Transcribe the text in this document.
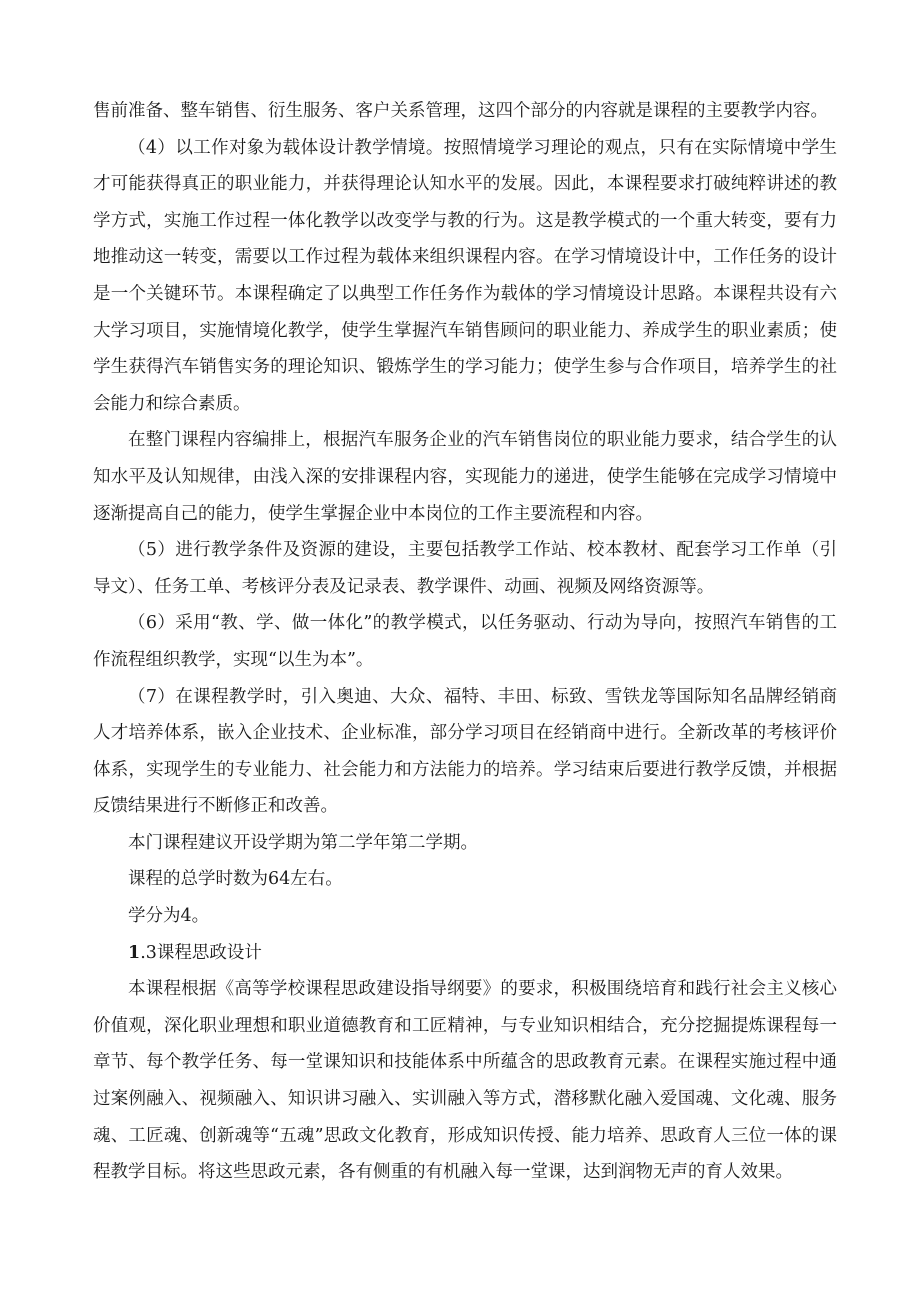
售前准备、整车销售、衍生服务、客户关系管理，这四个部分的内容就是课程的主要教学内容。

（4）以工作对象为载体设计教学情境。按照情境学习理论的观点，只有在实际情境中学生才可能获得真正的职业能力，并获得理论认知水平的发展。因此，本课程要求打破纯粹讲述的教学方式，实施工作过程一体化教学以改变学与教的行为。这是教学模式的一个重大转变，要有力地推动这一转变，需要以工作过程为载体来组织课程内容。在学习情境设计中，工作任务的设计是一个关键环节。本课程确定了以典型工作任务作为载体的学习情境设计思路。本课程共设有六大学习项目，实施情境化教学，使学生掌握汽车销售顾问的职业能力、养成学生的职业素质；使学生获得汽车销售实务的理论知识、锻炼学生的学习能力；使学生参与合作项目，培养学生的社会能力和综合素质。

在整门课程内容编排上，根据汽车服务企业的汽车销售岗位的职业能力要求，结合学生的认知水平及认知规律，由浅入深的安排课程内容，实现能力的递进，使学生能够在完成学习情境中逐渐提高自己的能力，使学生掌握企业中本岗位的工作主要流程和内容。

（5）进行教学条件及资源的建设，主要包括教学工作站、校本教材、配套学习工作单（引导文）、任务工单、考核评分表及记录表、教学课件、动画、视频及网络资源等。

（6）采用“教、学、做一体化”的教学模式，以任务驱动、行动为导向，按照汽车销售的工作流程组织教学，实现“以生为本”。

（7）在课程教学时，引入奥迪、大众、福特、丰田、标致、雪铁龙等国际知名品牌经销商人才培养体系，嵌入企业技术、企业标准，部分学习项目在经销商中进行。全新改革的考核评价体系，实现学生的专业能力、社会能力和方法能力的培养。学习结束后要进行教学反馈，并根据反馈结果进行不断修正和改善。

本门课程建议开设学期为第二学年第二学期。

课程的总学时数为64左右。

学分为4。

1.3课程思政设计

本课程根据《高等学校课程思政建设指导纲要》的要求，积极围绕培育和践行社会主义核心价值观，深化职业理想和职业道德教育和工匠精神，与专业知识相结合，充分挖掘提炼课程每一章节、每个教学任务、每一堂课知识和技能体系中所蕴含的思政教育元素。在课程实施过程中通过案例融入、视频融入、知识讲习融入、实训融入等方式，潜移默化融入爱国魂、文化魂、服务魂、工匠魂、创新魂等“五魂”思政文化教育，形成知识传授、能力培养、思政育人三位一体的课程教学目标。将这些思政元素，各有侧重的有机融入每一堂课，达到润物无声的育人效果。
